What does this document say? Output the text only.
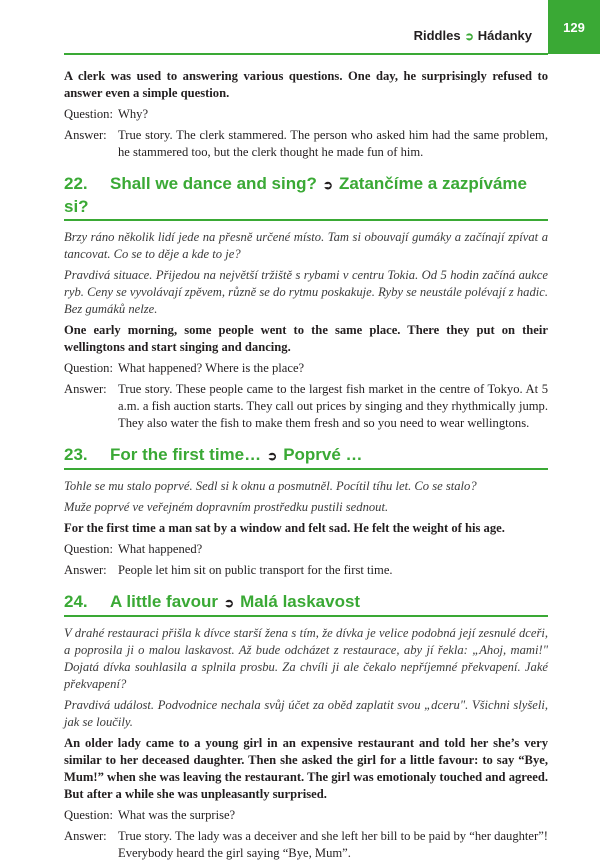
129
Riddles ➲ Hádanky

A clerk was used to answering various questions. One day, he surprisingly refused to answer even a simple question.

Question: Why?
Answer: True story. The clerk stammered. The person who asked him had the same problem, he stammered too, but the clerk thought he made fun of him.
22. Shall we dance and sing? ➲ Zatančíme a zazpíváme si?

Brzy ráno několik lidí jede na přesně určené místo. Tam si obouvají gumáky a začínají zpívat a tancovat. Co se to děje a kde to je?

Pravdivá situace. Přijedou na největší tržiště s rybami v centru Tokia. Od 5 hodin začíná aukce ryb. Ceny se vyvolávají zpěvem, různě se do rytmu poskakuje. Ryby se neustále polévají z hadic. Bez gumáků nelze.

One early morning, some people went to the same place. There they put on their wellingtons and start singing and dancing.

Question: What happened? Where is the place?
Answer: True story. These people came to the largest fish market in the centre of Tokyo. At 5 a.m. a fish auction starts. They call out prices by singing and they rhythmically jump. They also water the fish to make them fresh and so you need to wear wellingtons.
23. For the first time… ➲ Poprvé …

Tohle se mu stalo poprvé. Sedl si k oknu a posmutněl. Pocítil tíhu let. Co se stalo?

Muže poprvé ve veřejném dopravním prostředku pustili sednout.

For the first time a man sat by a window and felt sad. He felt the weight of his age.

Question: What happened?
Answer: People let him sit on public transport for the first time.
24. A little favour ➲ Malá laskavost

V drahé restauraci přišla k dívce starší žena s tím, že dívka je velice podobná její zesnulé dceři, a poprosila ji o malou laskavost. Až bude odcházet z restaurace, aby jí řekla: „Ahoj, mami!" Dojatá dívka souhlasila a splnila prosbu. Za chvíli ji ale čekalo nepříjemné překvapení. Jaké překvapení?

Pravdivá událost. Podvodnice nechala svůj účet za oběd zaplatit svou „dceru". Všichni slyšeli, jak se loučily.

An older lady came to a young girl in an expensive restaurant and told her she’s very similar to her deceased daughter. Then she asked the girl for a little favour: to say “Bye, Mum!” when she was leaving the restaurant. The girl was emotionaly touched and agreed. But after a while she was unpleasantly surprised.

Question: What was the surprise?
Answer: True story. The lady was a deceiver and she left her bill to be paid by “her daughter”! Everybody heard the girl saying “Bye, Mum”.
